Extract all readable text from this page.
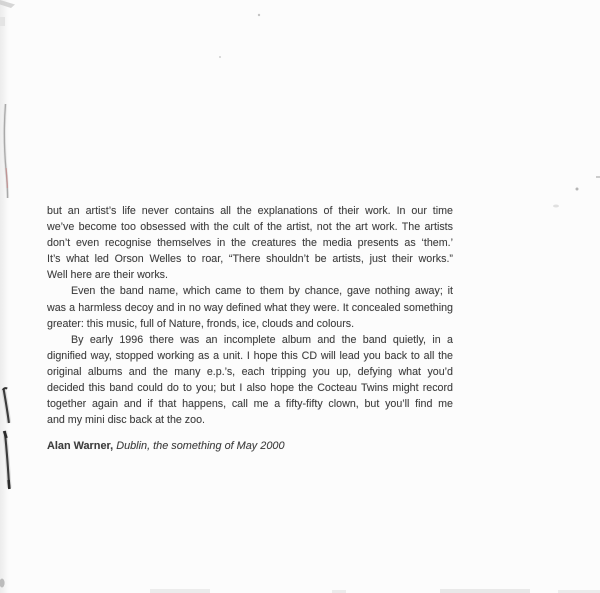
but an artist’s life never contains all the explanations of their work. In our time
we’ve become too obsessed with the cult of the artist, not the art work. The artists
don’t even recognise themselves in the creatures the media presents as ‘them.’
It’s what led Orson Welles to roar, “There shouldn’t be artists, just their works.”
Well here are their works.
Even the band name, which came to them by chance, gave nothing away; it
was a harmless decoy and in no way defined what they were. It concealed something
greater: this music, full of Nature, fronds, ice, clouds and colours.
By early 1996 there was an incomplete album and the band quietly, in a
dignified way, stopped working as a unit. I hope this CD will lead you back to all the
original albums and the many e.p.’s, each tripping you up, defying what you’d
decided this band could do to you; but I also hope the Cocteau Twins might record
together again and if that happens, call me a fifty-fifty clown, but you’ll find me
and my mini disc back at the zoo.
Alan Warner, Dublin, the something of May 2000
